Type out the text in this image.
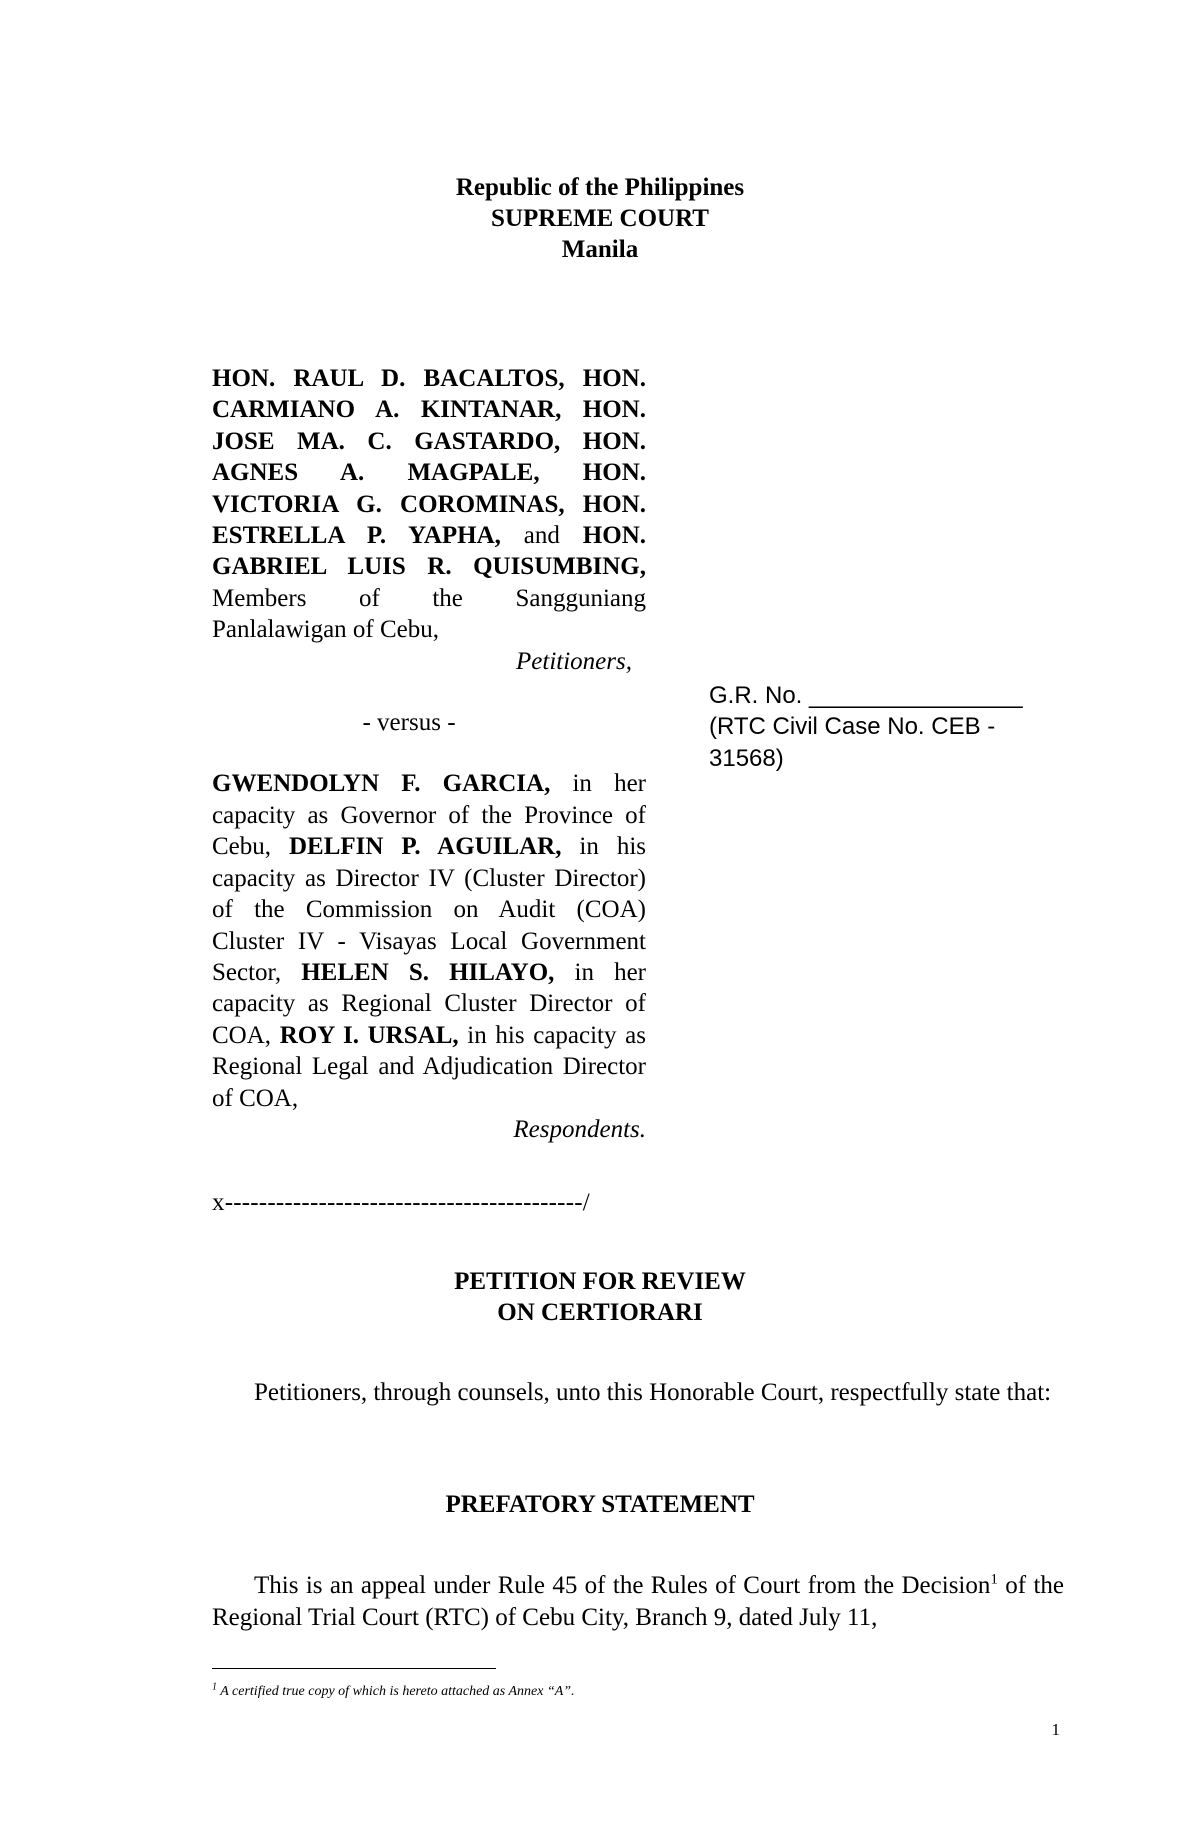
Republic of the Philippines
SUPREME COURT
Manila

HON. RAUL D. BACALTOS, HON. CARMIANO A. KINTANAR, HON. JOSE MA. C. GASTARDO, HON. AGNES A. MAGPALE, HON. VICTORIA G. COROMINAS, HON. ESTRELLA P. YAPHA, and HON. GABRIEL LUIS R. QUISUMBING, Members of the Sangguniang Panlalawigan of Cebu,

Petitioners,
- versus -

GWENDOLYN F. GARCIA, in her capacity as Governor of the Province of Cebu, DELFIN P. AGUILAR, in his capacity as Director IV (Cluster Director) of the Commission on Audit (COA) Cluster IV - Visayas Local Government Sector, HELEN S. HILAYO, in her capacity as Regional Cluster Director of COA, ROY I. URSAL, in his capacity as Regional Legal and Adjudication Director of COA,

Respondents.
x------------------------------------------/
G.R. No. ________________
(RTC Civil Case No. CEB - 31568)
PETITION FOR REVIEW
ON CERTIORARI
Petitioners, through counsels, unto this Honorable Court, respectfully state that:
PREFATORY STATEMENT
This is an appeal under Rule 45 of the Rules of Court from the Decision$^1$ of the Regional Trial Court (RTC) of Cebu City, Branch 9, dated July 11,
$^1$ A certified true copy of which is hereto attached as Annex “A”.
1
